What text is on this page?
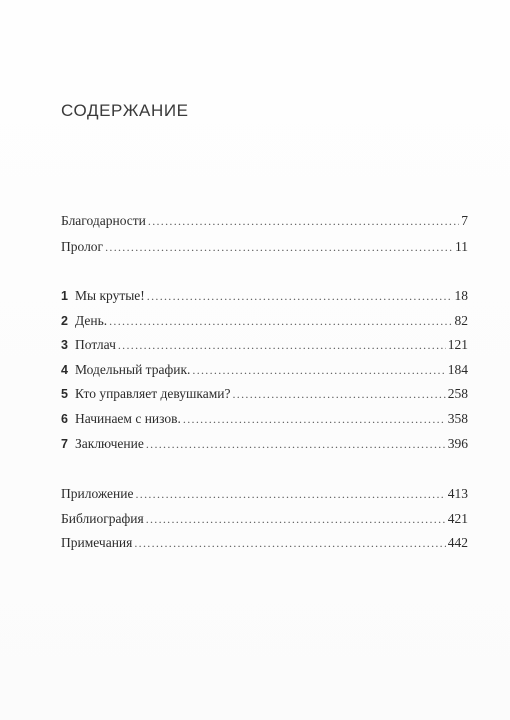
СОДЕРЖАНИЕ
Благодарности .....	7
Пролог .....	11
1 Мы крутые! .....	18
2 День. .....	82
3 Потлач .....	121
4 Модельный трафик. .....	184
5 Кто управляет девушками? .....	258
6 Начинаем с низов. .....	358
7 Заключение .....	396
Приложение .....	413
Библиография .....	421
Примечания .....	442
